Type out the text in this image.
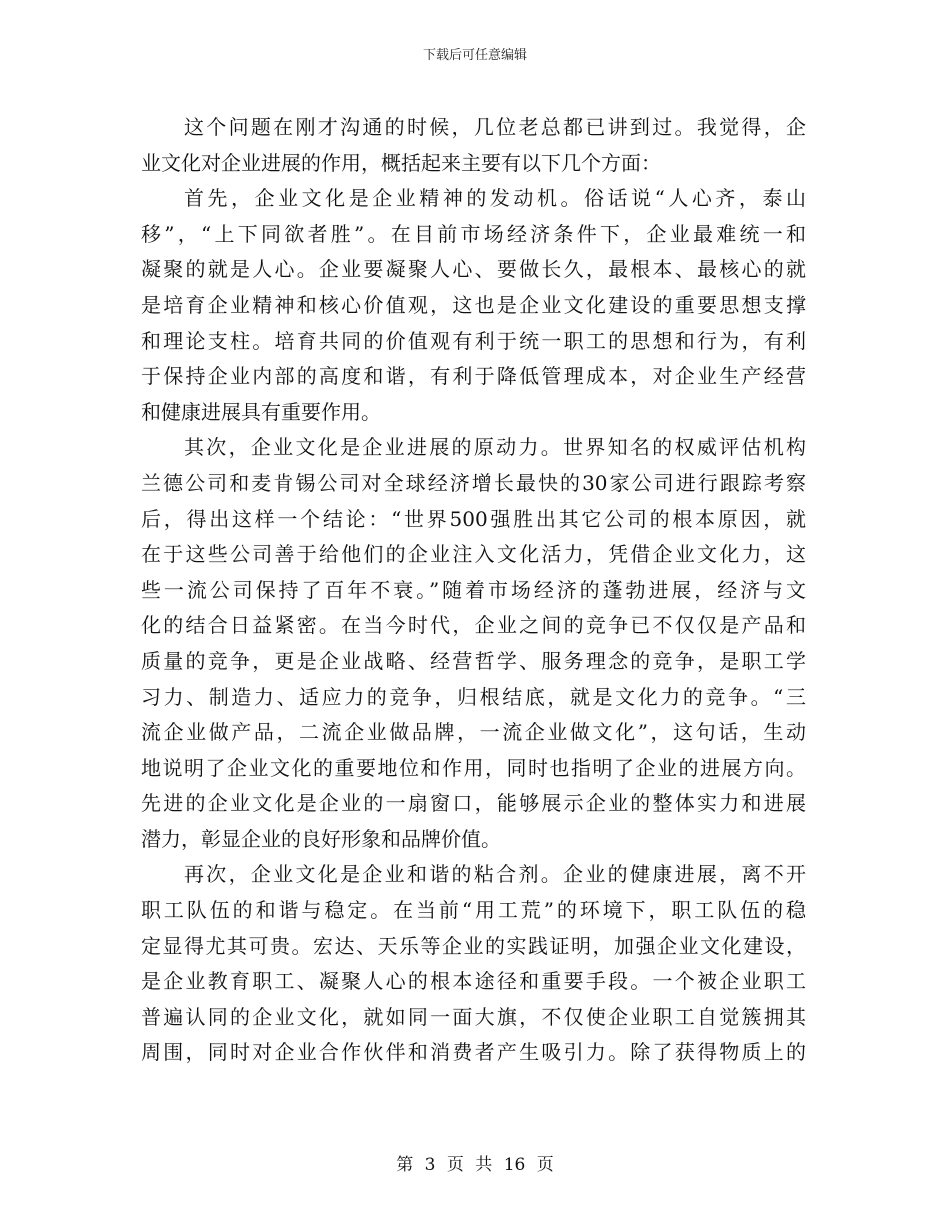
下载后可任意编辑
这个问题在刚才沟通的时候，几位老总都已讲到过。我觉得，企
业文化对企业进展的作用，概括起来主要有以下几个方面：
首先，企业文化是企业精神的发动机。俗话说“人心齐，泰山
移”，“上下同欲者胜”。在目前市场经济条件下，企业最难统一和
凝聚的就是人心。企业要凝聚人心、要做长久，最根本、最核心的就
是培育企业精神和核心价值观，这也是企业文化建设的重要思想支撑
和理论支柱。培育共同的价值观有利于统一职工的思想和行为，有利
于保持企业内部的高度和谐，有利于降低管理成本，对企业生产经营
和健康进展具有重要作用。
其次，企业文化是企业进展的原动力。世界知名的权威评估机构
兰德公司和麦肯锡公司对全球经济增长最快的30家公司进行跟踪考察
后，得出这样一个结论：“世界500强胜出其它公司的根本原因，就
在于这些公司善于给他们的企业注入文化活力，凭借企业文化力，这
些一流公司保持了百年不衰。”随着市场经济的蓬勃进展，经济与文
化的结合日益紧密。在当今时代，企业之间的竞争已不仅仅是产品和
质量的竞争，更是企业战略、经营哲学、服务理念的竞争，是职工学
习力、制造力、适应力的竞争，归根结底，就是文化力的竞争。“三
流企业做产品，二流企业做品牌，一流企业做文化”，这句话，生动
地说明了企业文化的重要地位和作用，同时也指明了企业的进展方向。
先进的企业文化是企业的一扇窗口，能够展示企业的整体实力和进展
潜力，彰显企业的良好形象和品牌价值。
再次，企业文化是企业和谐的粘合剂。企业的健康进展，离不开
职工队伍的和谐与稳定。在当前“用工荒”的环境下，职工队伍的稳
定显得尤其可贵。宏达、天乐等企业的实践证明，加强企业文化建设，
是企业教育职工、凝聚人心的根本途径和重要手段。一个被企业职工
普遍认同的企业文化，就如同一面大旗，不仅使企业职工自觉簇拥其
周围，同时对企业合作伙伴和消费者产生吸引力。除了获得物质上的
第 3 页 共 16 页
